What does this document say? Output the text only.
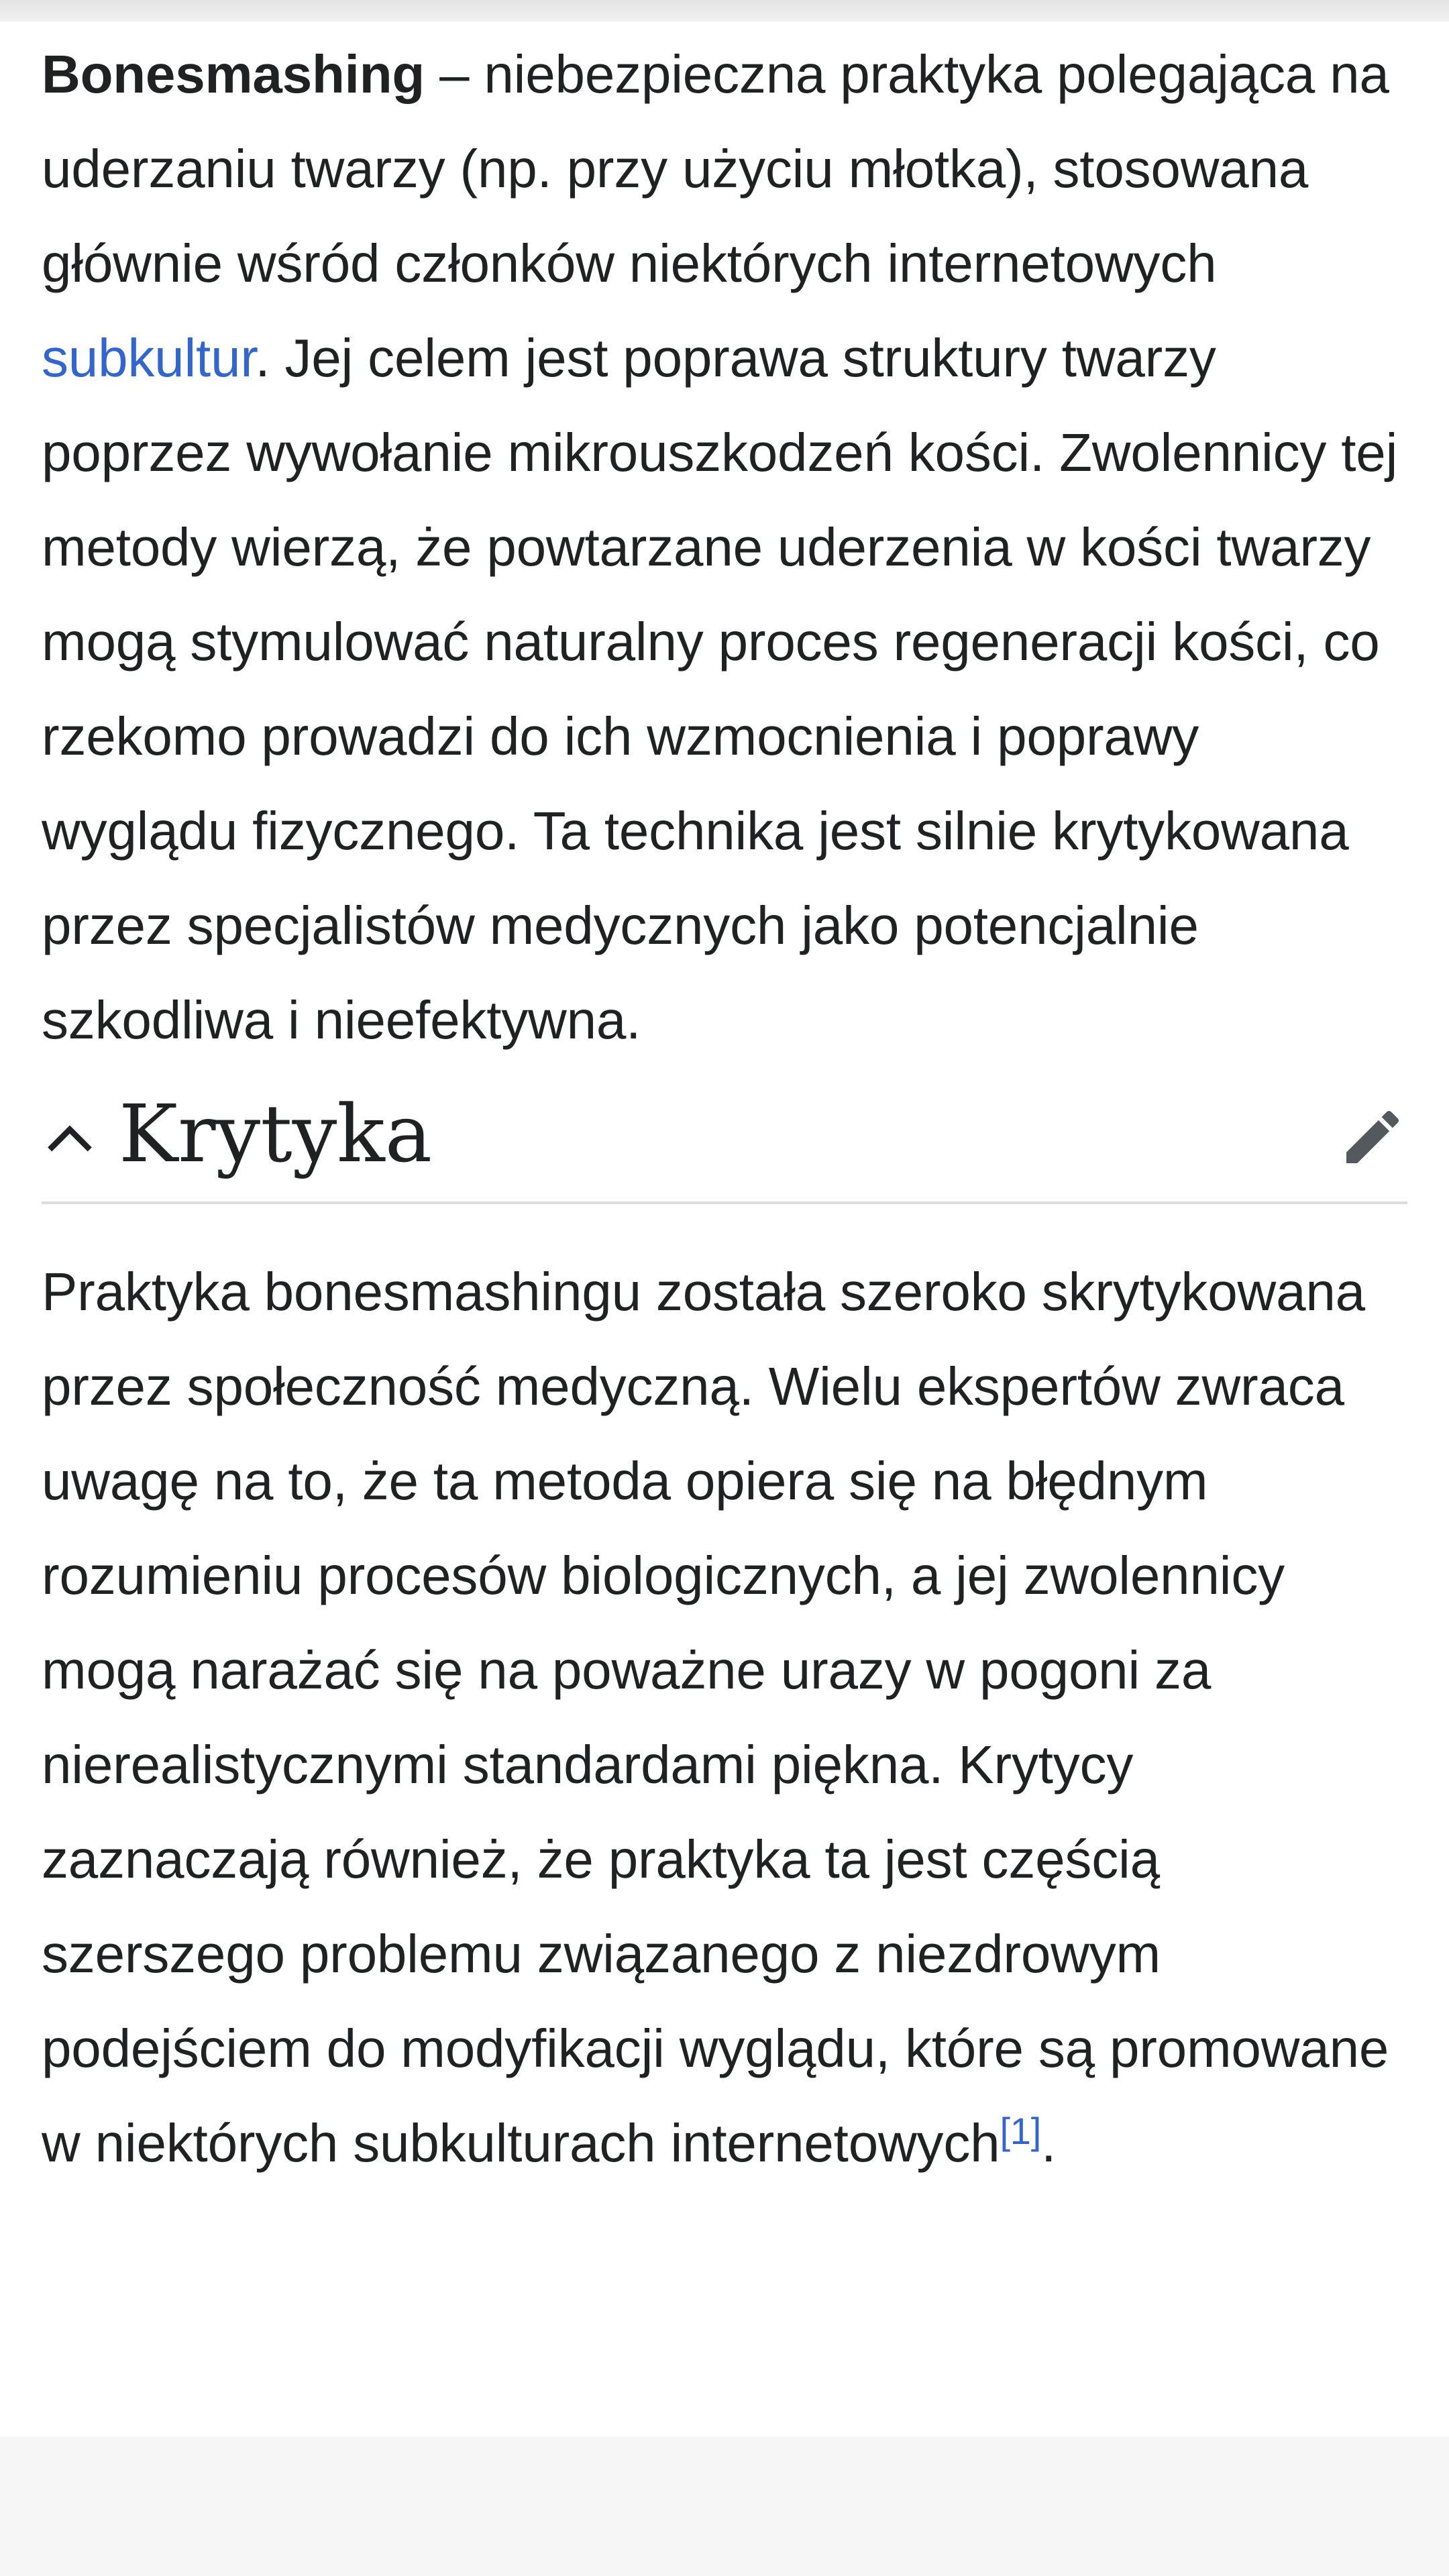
Bonesmashing – niebezpieczna praktyka polegająca na uderzaniu twarzy (np. przy użyciu młotka), stosowana głównie wśród członków niektórych internetowych subkultur. Jej celem jest poprawa struktury twarzy poprzez wywołanie mikrouszkodzeń kości. Zwolennicy tej metody wierzą, że powtarzane uderzenia w kości twarzy mogą stymulować naturalny proces regeneracji kości, co rzekomo prowadzi do ich wzmocnienia i poprawy wyglądu fizycznego. Ta technika jest silnie krytykowana przez specjalistów medycznych jako potencjalnie szkodliwa i nieefektywna.

Krytyka

Praktyka bonesmashingu została szeroko skrytykowana przez społeczność medyczną. Wielu ekspertów zwraca uwagę na to, że ta metoda opiera się na błędnym rozumieniu procesów biologicznych, a jej zwolennicy mogą narażać się na poważne urazy w pogoni za nierealistycznymi standardami piękna. Krytycy zaznaczają również, że praktyka ta jest częścią szerszego problemu związanego z niezdrowym podejściem do modyfikacji wyglądu, które są promowane w niektórych subkulturach internetowych[1].
